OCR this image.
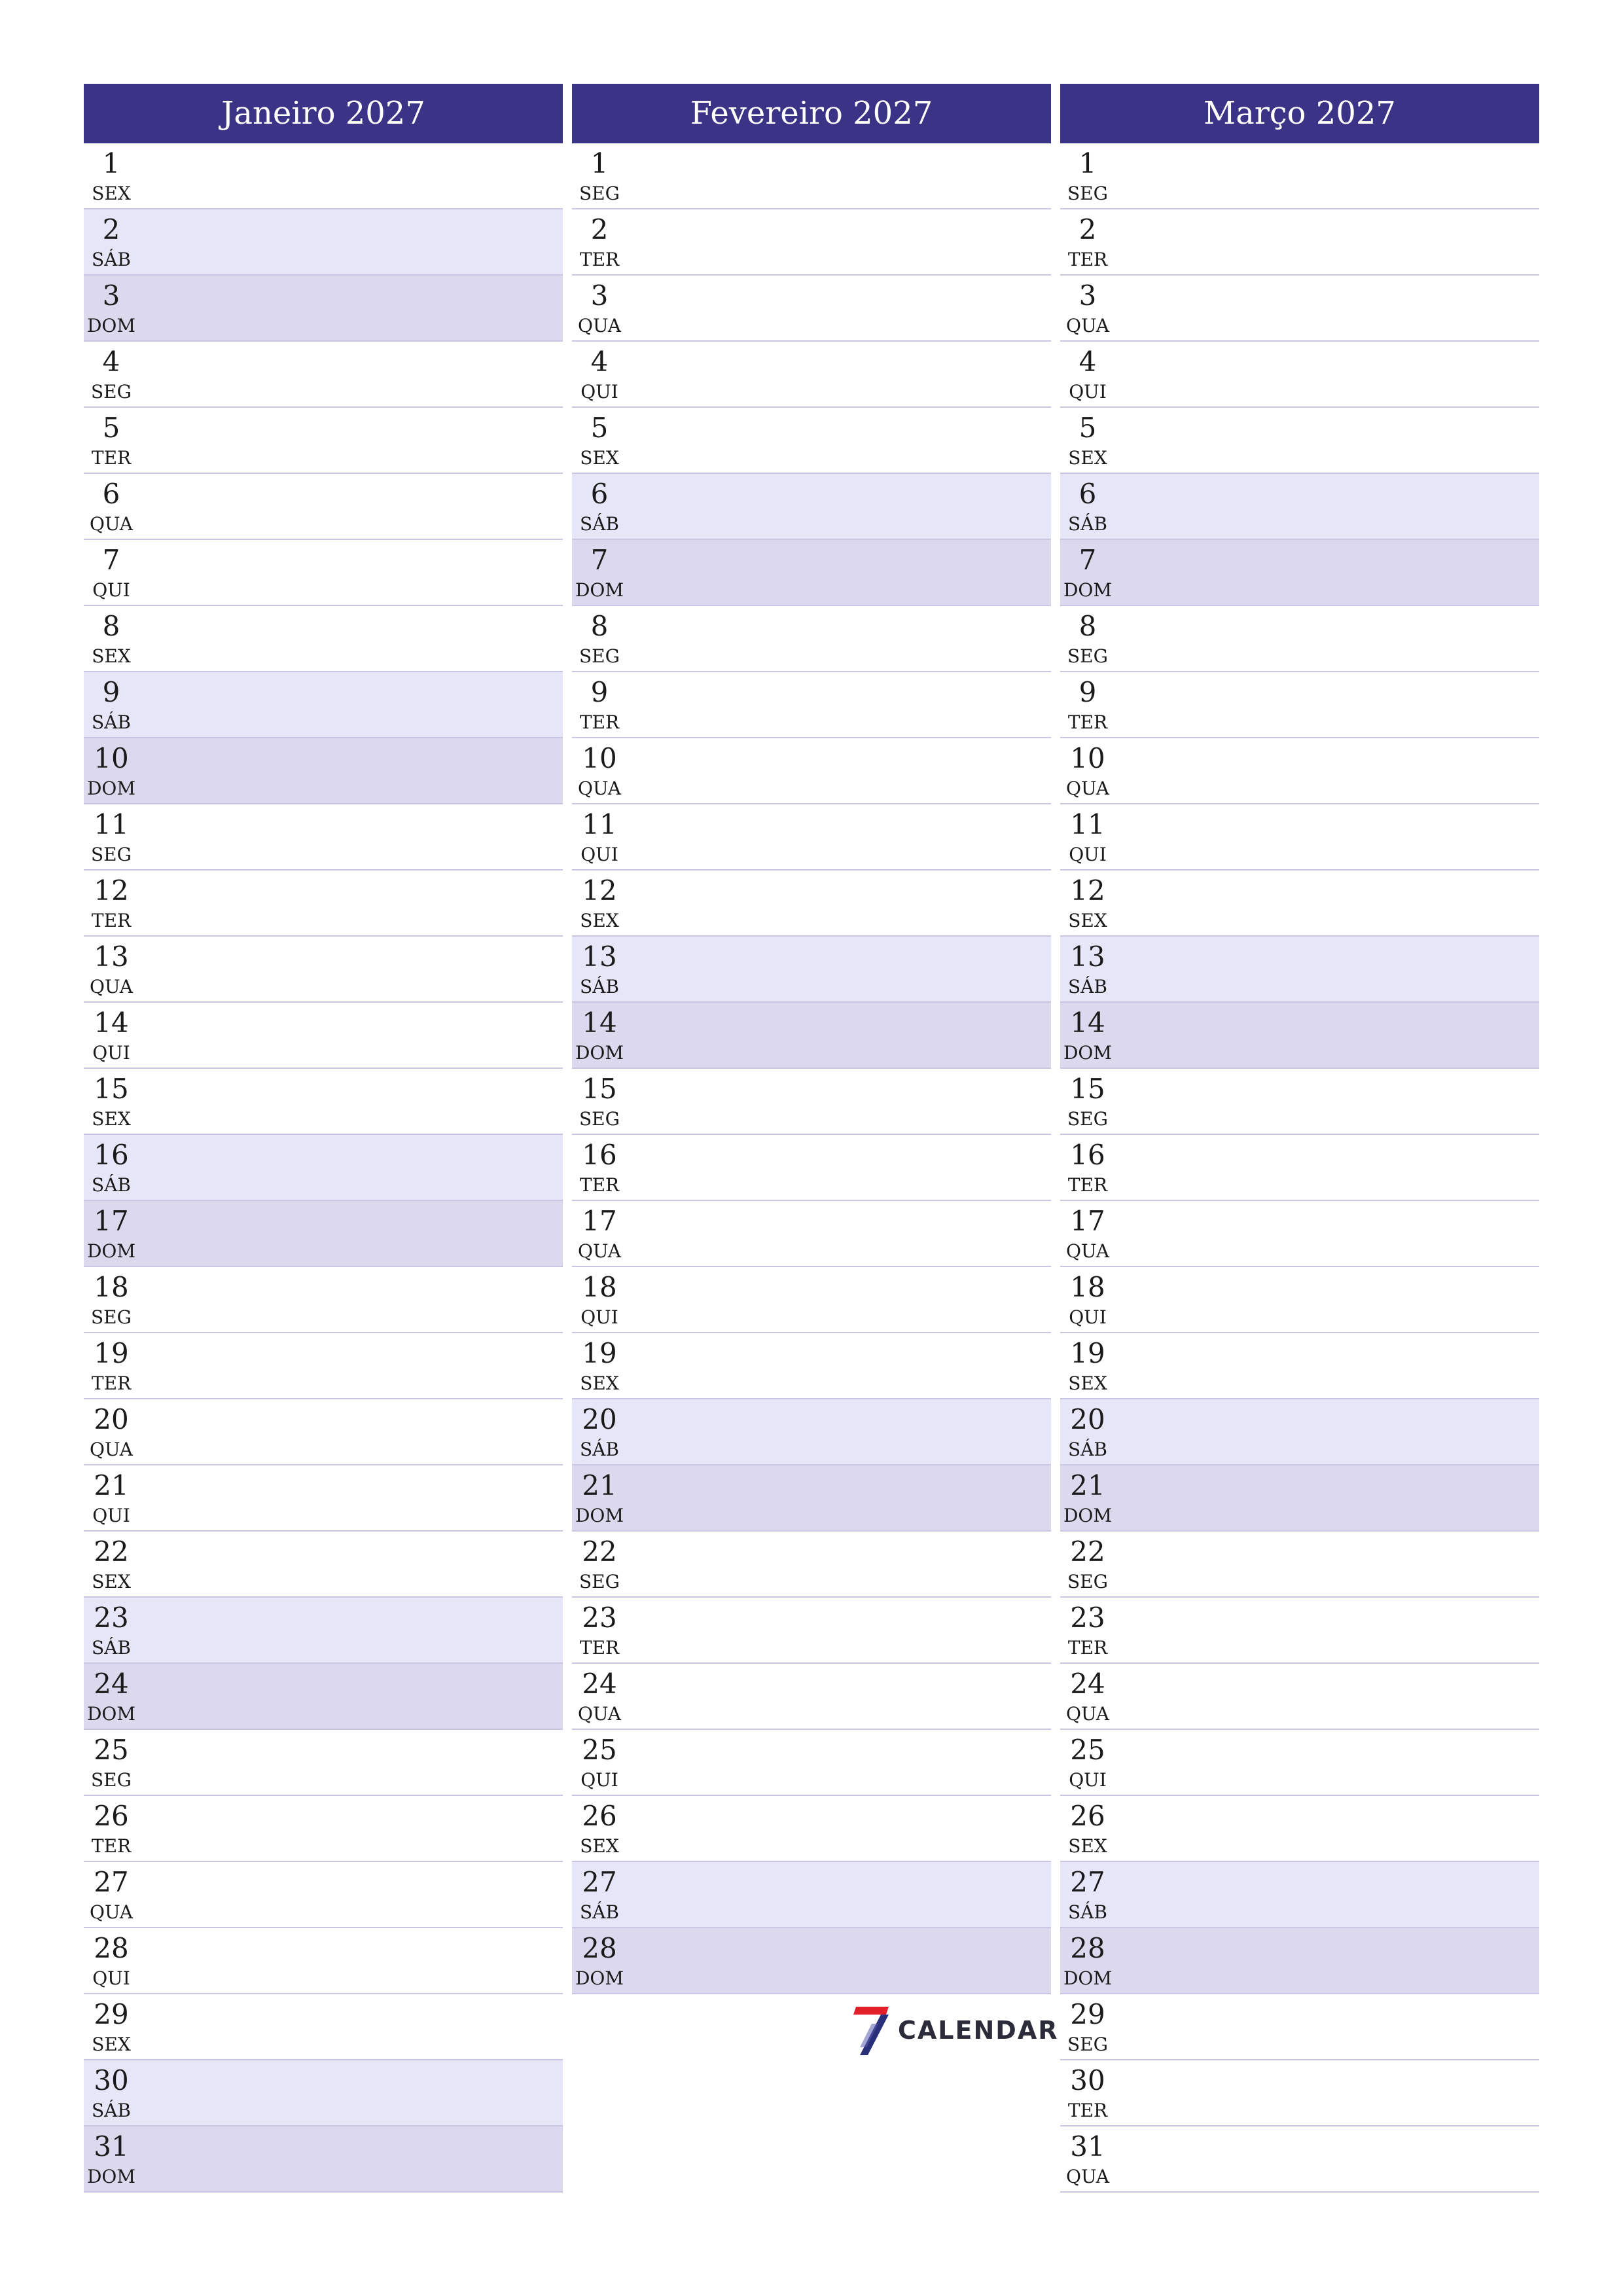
Janeiro 2027
1
SEX
2
SÁB
3
DOM
4
SEG
5
TER
6
QUA
7
QUI
8
SEX
9
SÁB
10
DOM
11
SEG
12
TER
13
QUA
14
QUI
15
SEX
16
SÁB
17
DOM
18
SEG
19
TER
20
QUA
21
QUI
22
SEX
23
SÁB
24
DOM
25
SEG
26
TER
27
QUA
28
QUI
29
SEX
30
SÁB
31
DOM
Fevereiro 2027
1
SEG
2
TER
3
QUA
4
QUI
5
SEX
6
SÁB
7
DOM
8
SEG
9
TER
10
QUA
11
QUI
12
SEX
13
SÁB
14
DOM
15
SEG
16
TER
17
QUA
18
QUI
19
SEX
20
SÁB
21
DOM
22
SEG
23
TER
24
QUA
25
QUI
26
SEX
27
SÁB
28
DOM
Março 2027
1
SEG
2
TER
3
QUA
4
QUI
5
SEX
6
SÁB
7
DOM
8
SEG
9
TER
10
QUA
11
QUI
12
SEX
13
SÁB
14
DOM
15
SEG
16
TER
17
QUA
18
QUI
19
SEX
20
SÁB
21
DOM
22
SEG
23
TER
24
QUA
25
QUI
26
SEX
27
SÁB
28
DOM
29
SEG
30
TER
31
QUA
CALENDAR
